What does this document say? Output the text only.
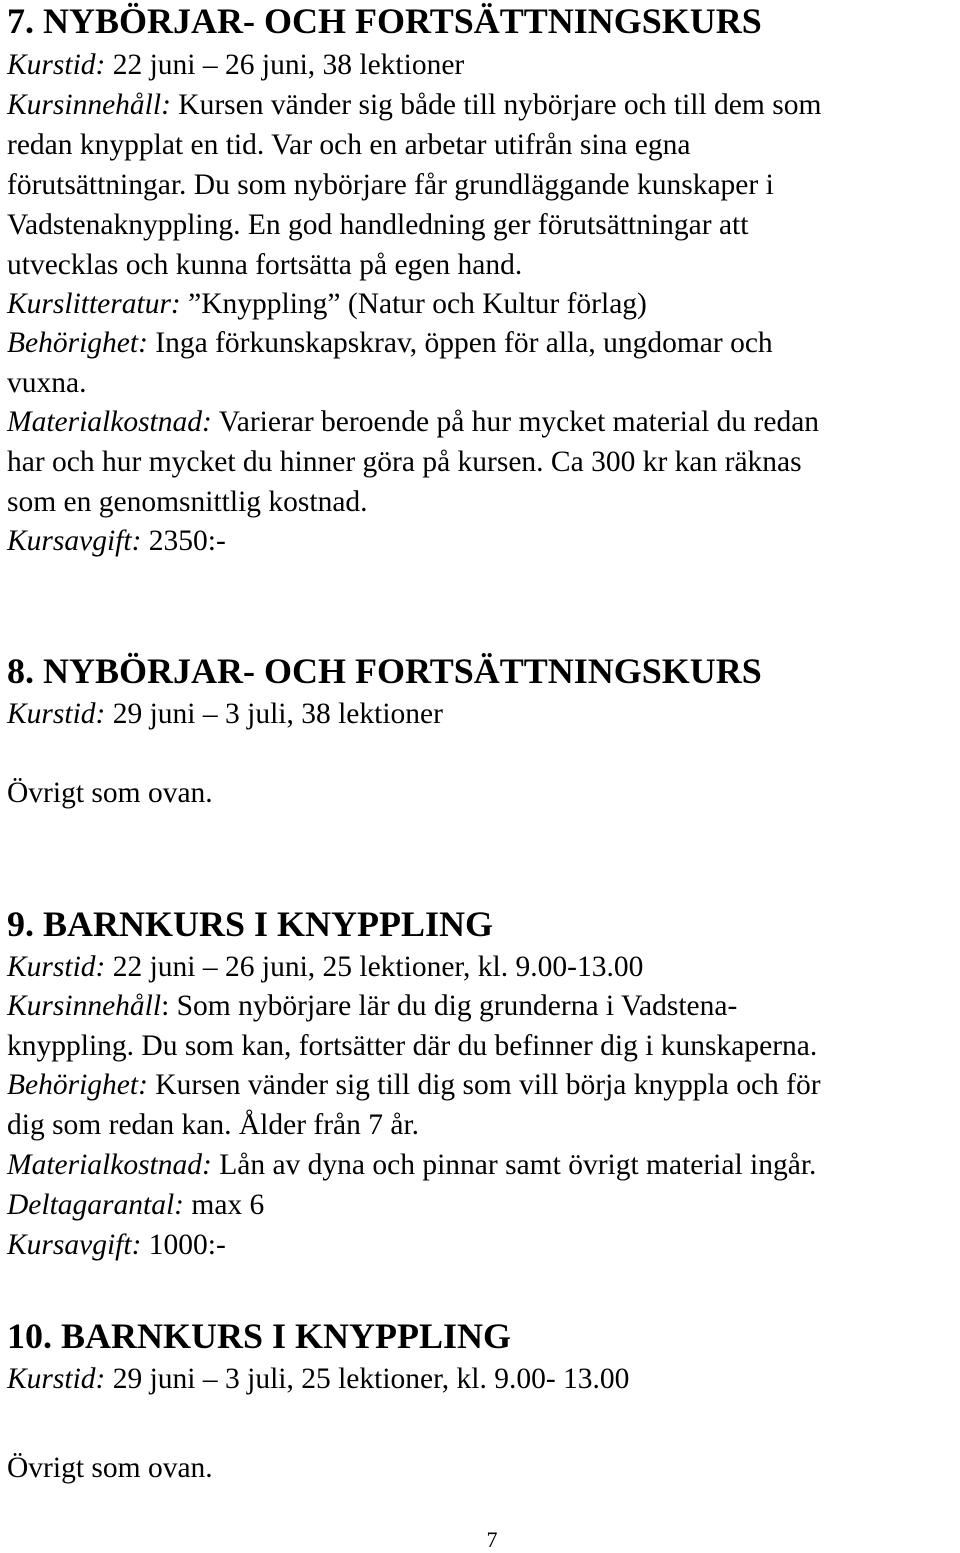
7. NYBÖRJAR- OCH FORTSÄTTNINGSKURS
Kurstid: 22 juni – 26 juni, 38 lektioner
Kursinnehåll: Kursen vänder sig både till nybörjare och till dem som
redan knypplat en tid. Var och en arbetar utifrån sina egna
förutsättningar. Du som nybörjare får grundläggande kunskaper i
Vadstenaknyppling. En god handledning ger förutsättningar att
utvecklas och kunna fortsätta på egen hand.
Kurslitteratur: ”Knyppling” (Natur och Kultur förlag)
Behörighet: Inga förkunskapskrav, öppen för alla, ungdomar och
vuxna.
Materialkostnad: Varierar beroende på hur mycket material du redan
har och hur mycket du hinner göra på kursen. Ca 300 kr kan räknas
som en genomsnittlig kostnad.
Kursavgift: 2350:-
8. NYBÖRJAR- OCH FORTSÄTTNINGSKURS
Kurstid: 29 juni – 3 juli, 38 lektioner
Övrigt som ovan.
9. BARNKURS I KNYPPLING
Kurstid: 22 juni – 26 juni, 25 lektioner, kl. 9.00-13.00
Kursinnehåll: Som nybörjare lär du dig grunderna i Vadstena-
knyppling. Du som kan, fortsätter där du befinner dig i kunskaperna.
Behörighet: Kursen vänder sig till dig som vill börja knyppla och för
dig som redan kan. Ålder från 7 år.
Materialkostnad: Lån av dyna och pinnar samt övrigt material ingår.
Deltagarantal: max 6
Kursavgift: 1000:-
10. BARNKURS I KNYPPLING
Kurstid: 29 juni – 3 juli, 25 lektioner, kl. 9.00- 13.00
Övrigt som ovan.
7
